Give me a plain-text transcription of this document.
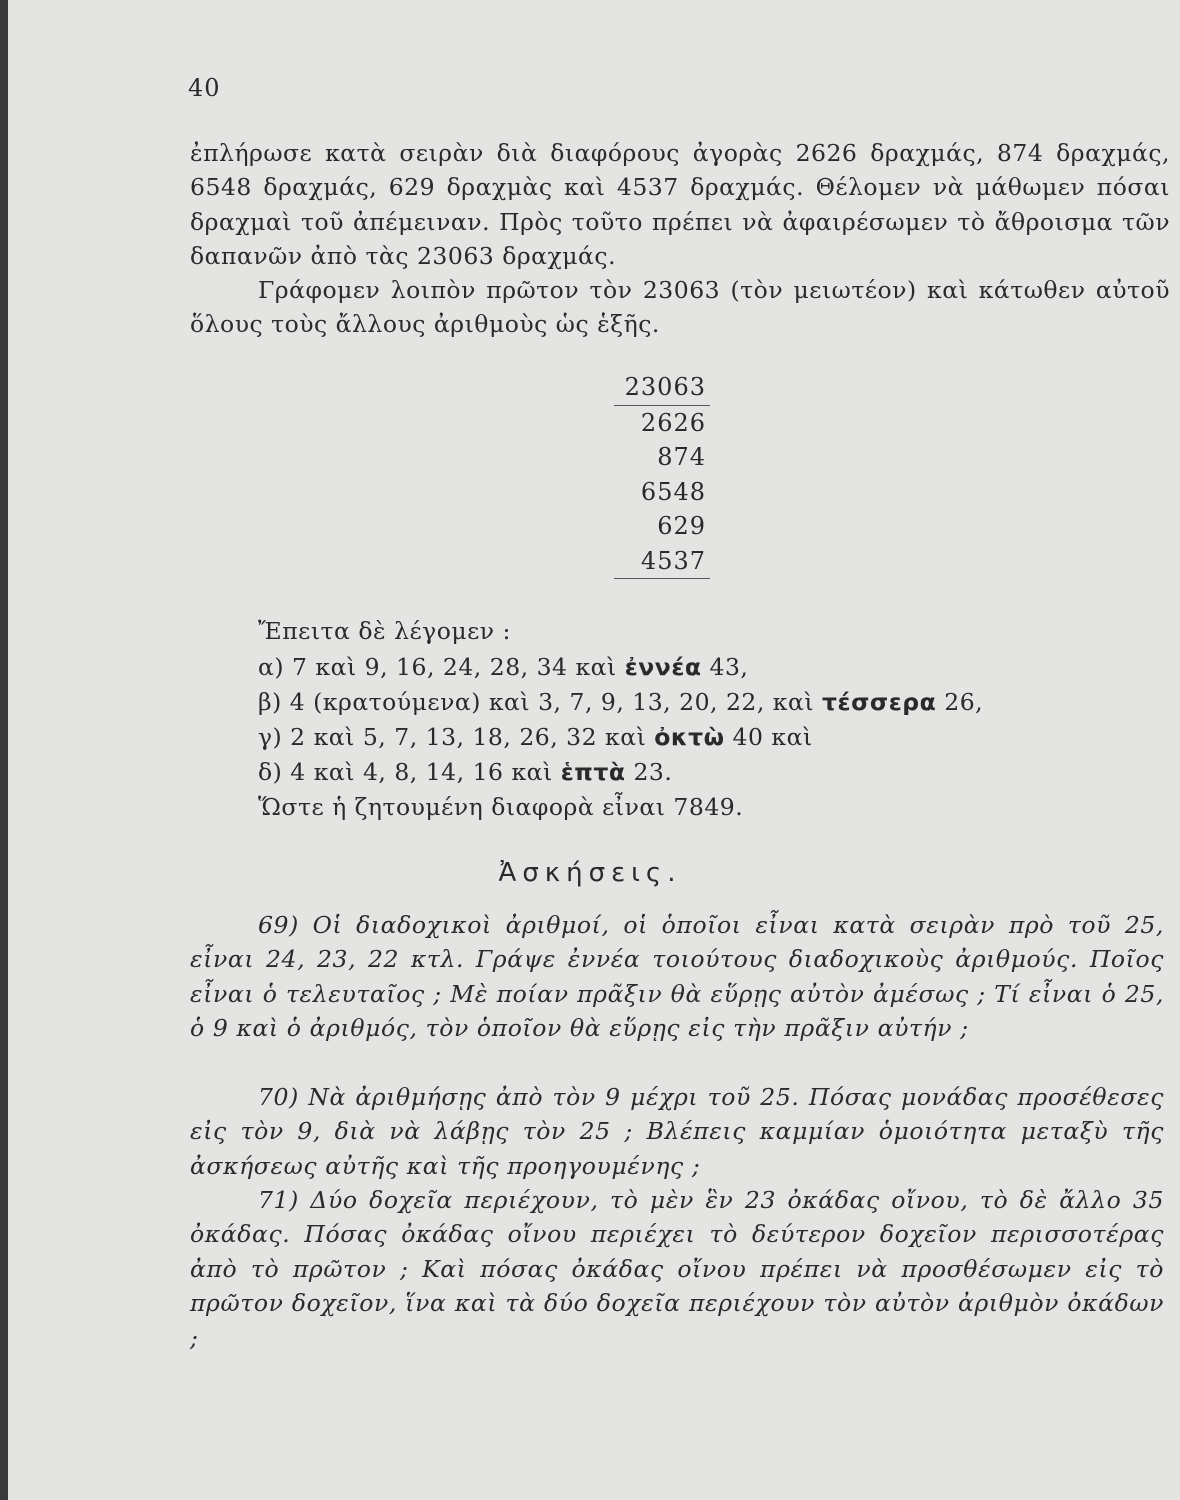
40
ἐπλήρωσε κατὰ σειρὰν διὰ διαφόρους ἀγορὰς 2626 δραχμάς, 874 δραχμάς, 6548 δραχμάς, 629 δραχμὰς καὶ 4537 δραχμάς. Θέλομεν νὰ μάθωμεν πόσαι δραχμαὶ τοῦ ἀπέμειναν. Πρὸς τοῦτο πρέπει νὰ ἀφαιρέσωμεν τὸ ἄθροισμα τῶν δαπανῶν ἀπὸ τὰς 23063 δραχμάς.
Γράφομεν λοιπὸν πρῶτον τὸν 23063 (τὸν μειωτέον) καὶ κάτωθεν αὐτοῦ ὅλους τοὺς ἄλλους ἀριθμοὺς ὡς ἑξῆς.
23063
2626
874
6548
629
4537
Ἔπειτα δὲ λέγομεν :
α) 7 καὶ 9, 16, 24, 28, 34 καὶ ἐννέα 43,
β) 4 (κρατούμενα) καὶ 3, 7, 9, 13, 20, 22, καὶ τέσσερα 26,
γ) 2 καὶ 5, 7, 13, 18, 26, 32 καὶ ὀκτὼ 40 καὶ
δ) 4 καὶ 4, 8, 14, 16 καὶ ἑπτὰ 23.
Ὥστε ἡ ζητουμένη διαφορὰ εἶναι 7849.
Ἀσκήσεις.
69) Οἱ διαδοχικοὶ ἀριθμοί, οἱ ὁποῖοι εἶναι κατὰ σειρὰν πρὸ τοῦ 25, εἶναι 24, 23, 22 κτλ. Γράψε ἐννέα τοιούτους διαδοχικοὺς ἀριθμούς. Ποῖος εἶναι ὁ τελευταῖος ; Μὲ ποίαν πρᾶξιν θὰ εὕρῃς αὐτὸν ἀμέσως ; Τί εἶναι ὁ 25, ὁ 9 καὶ ὁ ἀριθμός, τὸν ὁποῖον θὰ εὕρῃς εἰς τὴν πρᾶξιν αὐτήν ;
70) Νὰ ἀριθμήσῃς ἀπὸ τὸν 9 μέχρι τοῦ 25. Πόσας μονάδας προσέθεσες εἰς τὸν 9, διὰ νὰ λάβῃς τὸν 25 ; Βλέπεις καμμίαν ὁμοιότητα μεταξὺ τῆς ἀσκήσεως αὐτῆς καὶ τῆς προηγουμένης ;
71) Δύο δοχεῖα περιέχουν, τὸ μὲν ἓν 23 ὀκάδας οἴνου, τὸ δὲ ἄλλο 35 ὀκάδας. Πόσας ὀκάδας οἴνου περιέχει τὸ δεύτερον δοχεῖον περισσοτέρας ἀπὸ τὸ πρῶτον ; Καὶ πόσας ὀκάδας οἴνου πρέπει νὰ προσθέσωμεν εἰς τὸ πρῶτον δοχεῖον, ἵνα καὶ τὰ δύο δοχεῖα περιέχουν τὸν αὐτὸν ἀριθμὸν ὀκάδων ;
